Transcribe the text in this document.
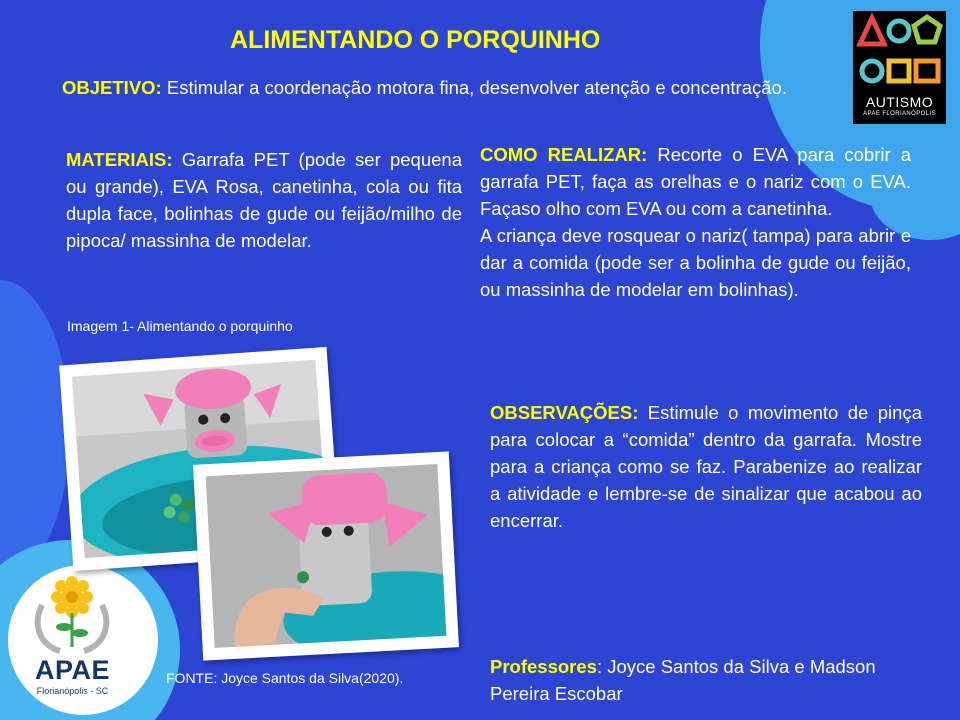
ALIMENTANDO O PORQUINHO
OBJETIVO: Estimular a coordenação motora fina, desenvolver atenção e concentração.
MATERIAIS: Garrafa PET (pode ser pequena ou grande), EVA Rosa, canetinha, cola ou fita dupla face, bolinhas de gude ou feijão/milho de pipoca/ massinha de modelar.
COMO REALIZAR: Recorte o EVA para cobrir a garrafa PET, faça as orelhas e o nariz com o EVA. Façaso olho com EVA ou com a canetinha.
A criança deve rosquear o nariz( tampa) para abrir e dar a comida (pode ser a bolinha de gude ou feijão, ou massinha de modelar em bolinhas).
OBSERVAÇÕES: Estimule o movimento de pinça para colocar a “comida” dentro da garrafa. Mostre para a criança como se faz. Parabenize ao realizar a atividade e lembre-se de sinalizar que acabou ao encerrar.
Professores: Joyce Santos da Silva e Madson Pereira Escobar
Imagem 1- Alimentando o porquinho
FONTE: Joyce Santos da Silva(2020).
AUTISMO
APAE FLORIANÓPOLIS
APAE
Florianópolis - SC
